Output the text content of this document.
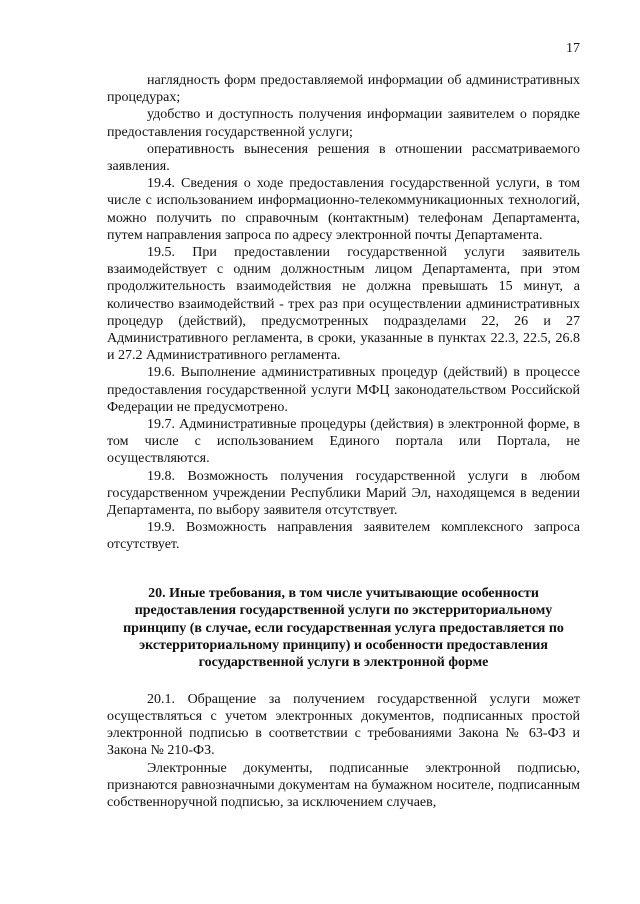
17

наглядность форм предоставляемой информации об административных процедурах;

удобство и доступность получения информации заявителем о порядке предоставления государственной услуги;

оперативность вынесения решения в отношении рассматриваемого заявления.

19.4. Сведения о ходе предоставления государственной услуги, в том числе с использованием информационно-телекоммуникационных технологий, можно получить по справочным (контактным) телефонам Департамента, путем направления запроса по адресу электронной почты Департамента.

19.5. При предоставлении государственной услуги заявитель взаимодействует с одним должностным лицом Департамента, при этом продолжительность взаимодействия не должна превышать 15 минут, а количество взаимодействий - трех раз при осуществлении административных процедур (действий), предусмотренных подразделами 22, 26 и 27 Административного регламента, в сроки, указанные в пунктах 22.3, 22.5, 26.8 и 27.2 Административного регламента.

19.6. Выполнение административных процедур (действий) в процессе предоставления государственной услуги МФЦ законодательством Российской Федерации не предусмотрено.

19.7. Административные процедуры (действия) в электронной форме, в том числе с использованием Единого портала или Портала, не осуществляются.

19.8. Возможность получения государственной услуги в любом государственном учреждении Республики Марий Эл, находящемся в ведении Департамента, по выбору заявителя отсутствует.

19.9. Возможность направления заявителем комплексного запроса отсутствует.

20. Иные требования, в том числе учитывающие особенности предоставления государственной услуги по экстерриториальному принципу (в случае, если государственная услуга предоставляется по экстерриториальному принципу) и особенности предоставления государственной услуги в электронной форме

20.1. Обращение за получением государственной услуги может осуществляться с учетом электронных документов, подписанных простой электронной подписью в соответствии с требованиями Закона № 63-ФЗ и Закона № 210-ФЗ.

Электронные документы, подписанные электронной подписью, признаются равнозначными документам на бумажном носителе, подписанным собственноручной подписью, за исключением случаев,
